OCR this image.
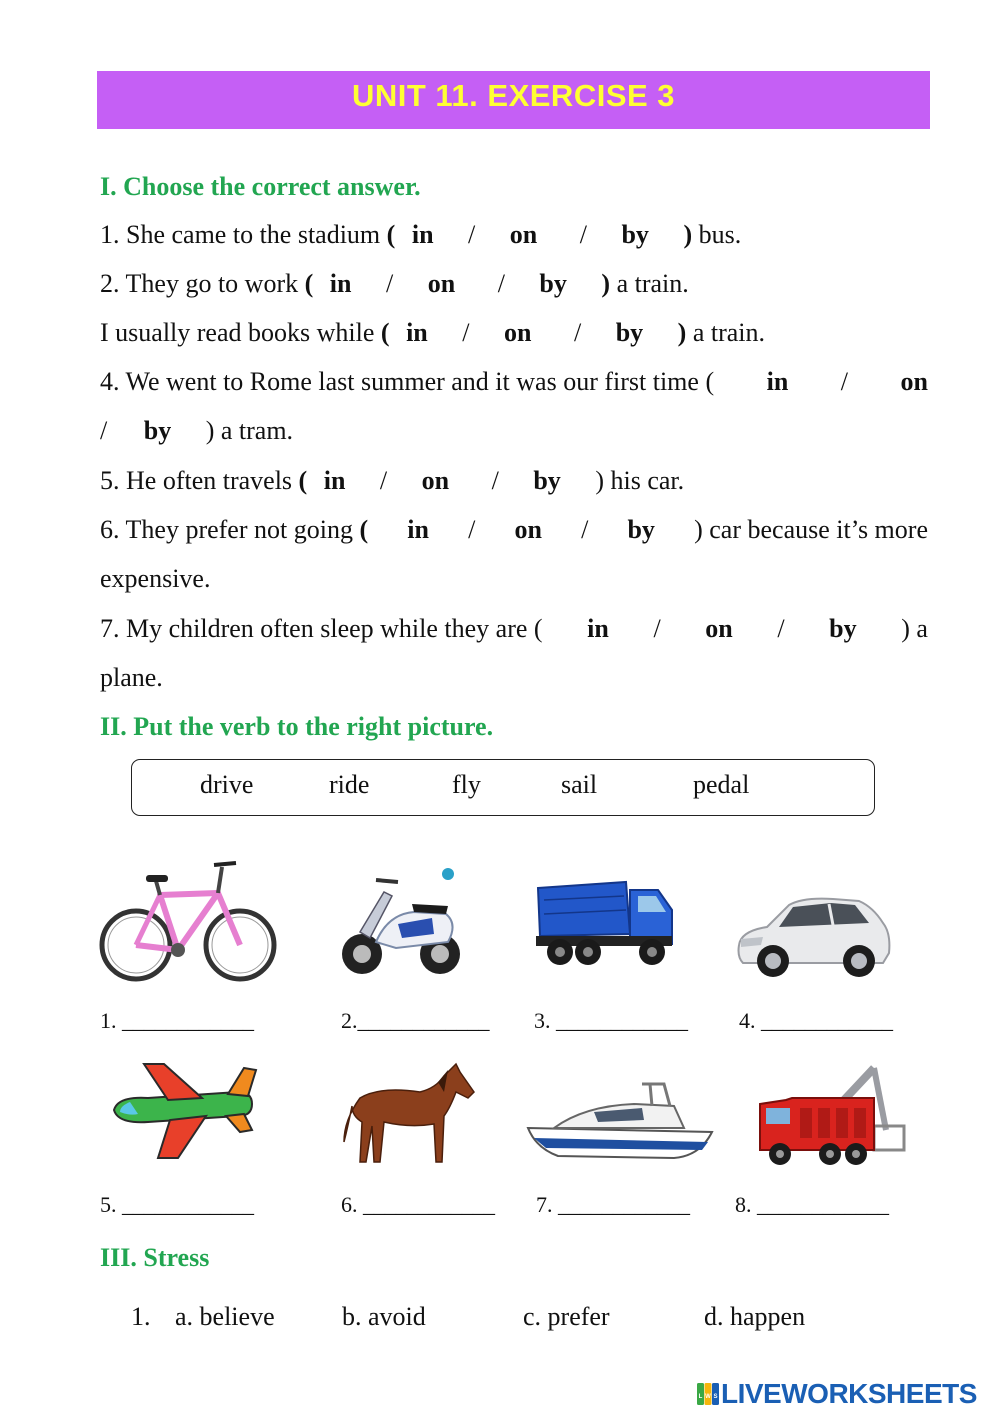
UNIT 11. EXERCISE 3
I. Choose the correct answer.
1. She came to the stadium ( in / on / by ) bus.
2. They go to work ( in / on / by ) a train.
I usually read books while ( in / on / by ) a train.
4. We went to Rome last summer and it was our first time ( in / on
/ by ) a tram.
5. He often travels ( in / on / by ) his car.
6. They prefer not going ( in / on / by ) car because it’s more
expensive.
7. My children often sleep while they are ( in / on / by ) a
plane.
II. Put the verb to the right picture.
drive	ride	fly	sail	pedal
1. ____________	2.____________ 3. ____________ 4. ____________
5. ____________	6. ____________ 7. ____________ 8. ____________
III. Stress
1. a. believe	b. avoid	c. prefer	d. happen
L W S LIVEWORKSHEETS
